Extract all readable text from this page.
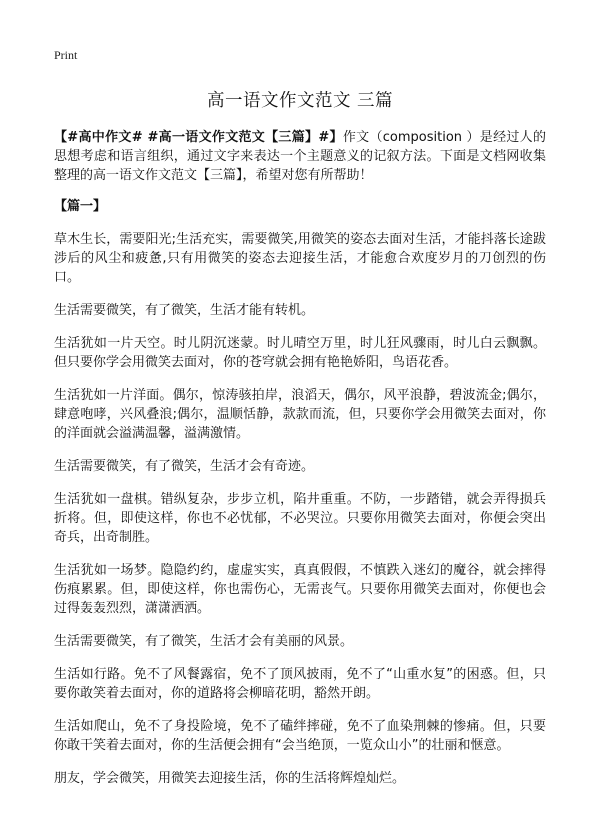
Print
高一语文作文范文 三篇

【#高中作文# #高一语文作文范文【三篇】#】作文（composition ）是经过人的思想考虑和语言组织，通过文字来表达一个主题意义的记叙方法。下面是文档网收集整理的高一语文作文范文【三篇】，希望对您有所帮助！

【篇一】

草木生长，需要阳光;生活充实，需要微笑,用微笑的姿态去面对生活，才能抖落长途跋涉后的风尘和疲惫,只有用微笑的姿态去迎接生活，才能愈合欢度岁月的刀创烈的伤口。

生活需要微笑，有了微笑，生活才能有转机。

生活犹如一片天空。时儿阴沉迷蒙。时儿晴空万里，时儿狂风骤雨，时儿白云飘飘。但只要你学会用微笑去面对，你的苍穹就会拥有艳艳娇阳，鸟语花香。

生活犹如一片洋面。偶尔，惊涛骇拍岸，浪滔天，偶尔，风平浪静，碧波流金;偶尔，肆意咆哮，兴风叠浪;偶尔，温顺恬静，款款而流，但，只要你学会用微笑去面对，你的洋面就会溢满温馨，溢满激情。

生活需要微笑，有了微笑，生活才会有奇迹。

生活犹如一盘棋。错纵复杂，步步立机，陷井重重。不防，一步踏错，就会弄得损兵折将。但，即使这样，你也不必忧郁，不必哭泣。只要你用微笑去面对，你便会突出奇兵，出奇制胜。

生活犹如一场梦。隐隐约约，虚虚实实，真真假假，不慎跌入迷幻的魔谷，就会摔得伤痕累累。但，即使这样，你也需伤心，无需丧气。只要你用微笑去面对，你便也会过得轰轰烈烈，潇潇洒洒。

生活需要微笑，有了微笑，生活才会有美丽的风景。

生活如行路。免不了风餐露宿，免不了顶风披雨，免不了“山重水复”的困惑。但，只要你敢笑着去面对，你的道路将会柳暗花明，豁然开朗。

生活如爬山，免不了身投险境，免不了磕绊摔碰，免不了血染荆棘的惨痛。但，只要你敢干笑着去面对，你的生活便会拥有“会当绝顶，一览众山小”的壮丽和惬意。

朋友，学会微笑，用微笑去迎接生活，你的生活将辉煌灿烂。
